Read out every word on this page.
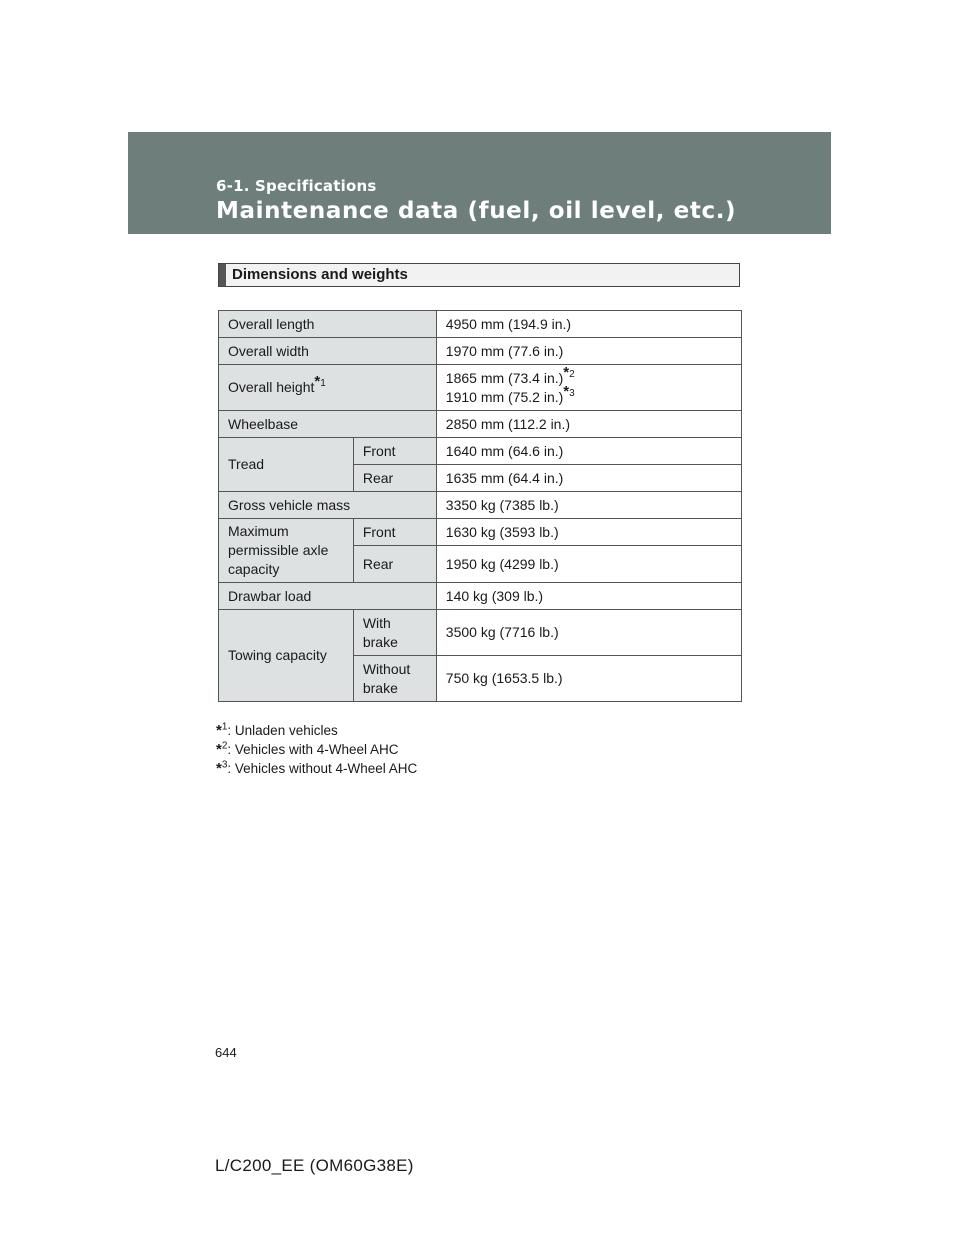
6-1. Specifications
Maintenance data (fuel, oil level, etc.)
Dimensions and weights
Overall length		4950 mm (194.9 in.)
Overall width		1970 mm (77.6 in.)
Overall height$^{*1}$		1865 mm (73.4 in.)$^{*2}$
1910 mm (75.2 in.)$^{*3}$

Wheelbase		2850 mm (112.2 in.)
Tread	Front	1640 mm (64.6 in.)
	Rear	1635 mm (64.4 in.)
Gross vehicle mass		3350 kg (7385 lb.)

Maximum
permissible axle
capacity	Front	1630 kg (3593 lb.)
	Rear	1950 kg (4299 lb.)
Drawbar load		140 kg (309 lb.)
Towing capacity	With
brake	3500 kg (7716 lb.)

	Without
brake	750 kg (1653.5 lb.)
*$^1$: Unladen vehicles
*$^2$: Vehicles with 4-Wheel AHC
*$^3$: Vehicles without 4-Wheel AHC
644
L/C200_EE (OM60G38E)
